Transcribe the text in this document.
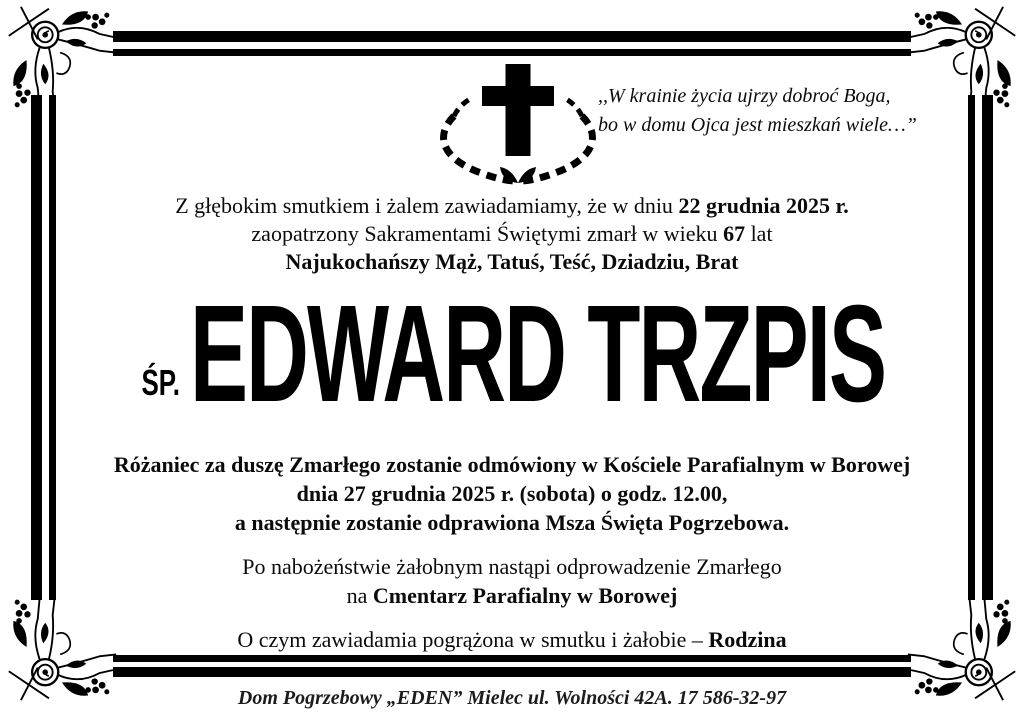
,,W krainie życia ujrzy dobroć Boga,
bo w domu Ojca jest mieszkań wiele…”
Z głębokim smutkiem i żalem zawiadamiamy, że w dniu 22 grudnia 2025 r.
zaopatrzony Sakramentami Świętymi zmarł w wieku 67 lat
Najukochańszy Mąż, Tatuś, Teść, Dziadziu, Brat
ŚP. EDWARD TRZPIS
Różaniec za duszę Zmarłego zostanie odmówiony w Kościele Parafialnym w Borowej
dnia 27 grudnia 2025 r. (sobota) o godz. 12.00,
a następnie zostanie odprawiona Msza Święta Pogrzebowa.
Po nabożeństwie żałobnym nastąpi odprowadzenie Zmarłego
na Cmentarz Parafialny w Borowej
O czym zawiadamia pogrążona w smutku i żałobie – Rodzina
Dom Pogrzebowy „EDEN” Mielec ul. Wolności 42A. 17 586-32-97
